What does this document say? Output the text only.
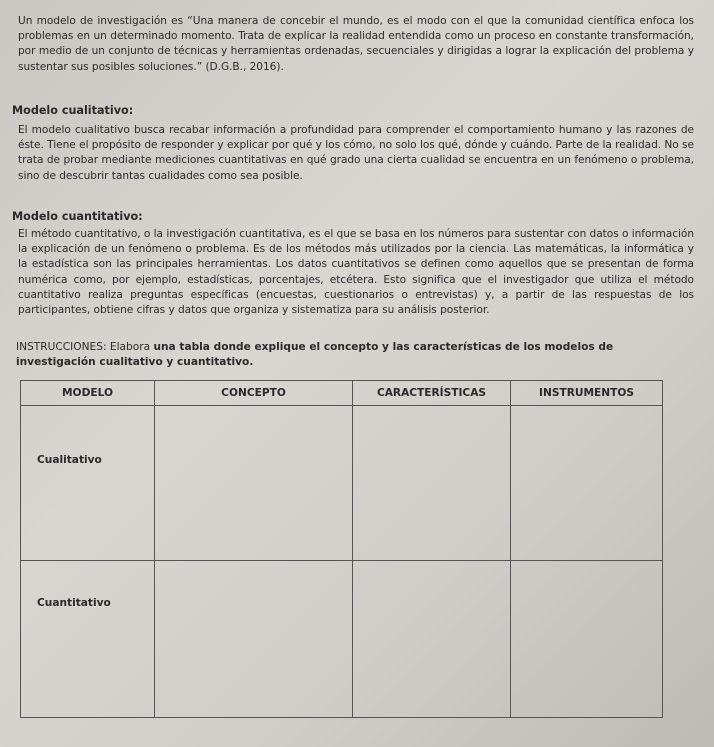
Un modelo de investigación es “Una manera de concebir el mundo, es el modo con el que la comunidad científica enfoca los problemas en un determinado momento. Trata de explicar la realidad entendida como un proceso en constante transformación, por medio de un conjunto de técnicas y herramientas ordenadas, secuenciales y dirigidas a lograr la explicación del problema y sustentar sus posibles soluciones.” (D.G.B., 2016).
Modelo cualitativo:
El modelo cualitativo busca recabar información a profundidad para comprender el comportamiento humano y las razones de éste. Tiene el propósito de responder y explicar por qué y los cómo, no solo los qué, dónde y cuándo. Parte de la realidad. No se trata de probar mediante mediciones cuantitativas en qué grado una cierta cualidad se encuentra en un fenómeno o problema, sino de descubrir tantas cualidades como sea posible.
Modelo cuantitativo:
El método cuantitativo, o la investigación cuantitativa, es el que se basa en los números para sustentar con datos o información la explicación de un fenómeno o problema. Es de los métodos más utilizados por la ciencia. Las matemáticas, la informática y la estadística son las principales herramientas. Los datos cuantitativos se definen como aquellos que se presentan de forma numérica como, por ejemplo, estadísticas, porcentajes, etcétera. Esto significa que el investigador que utiliza el método cuantitativo realiza preguntas específicas (encuestas, cuestionarios o entrevistas) y, a partir de las respuestas de los participantes, obtiene cifras y datos que organiza y sistematiza para su análisis posterior.
INSTRUCCIONES: Elabora una tabla donde explique el concepto y las características de los modelos de investigación cualitativo y cuantitativo.
MODELO	CONCEPTO	CARACTERÍSTICAS	INSTRUMENTOS

Cualitativo			

Cuantitativo			
